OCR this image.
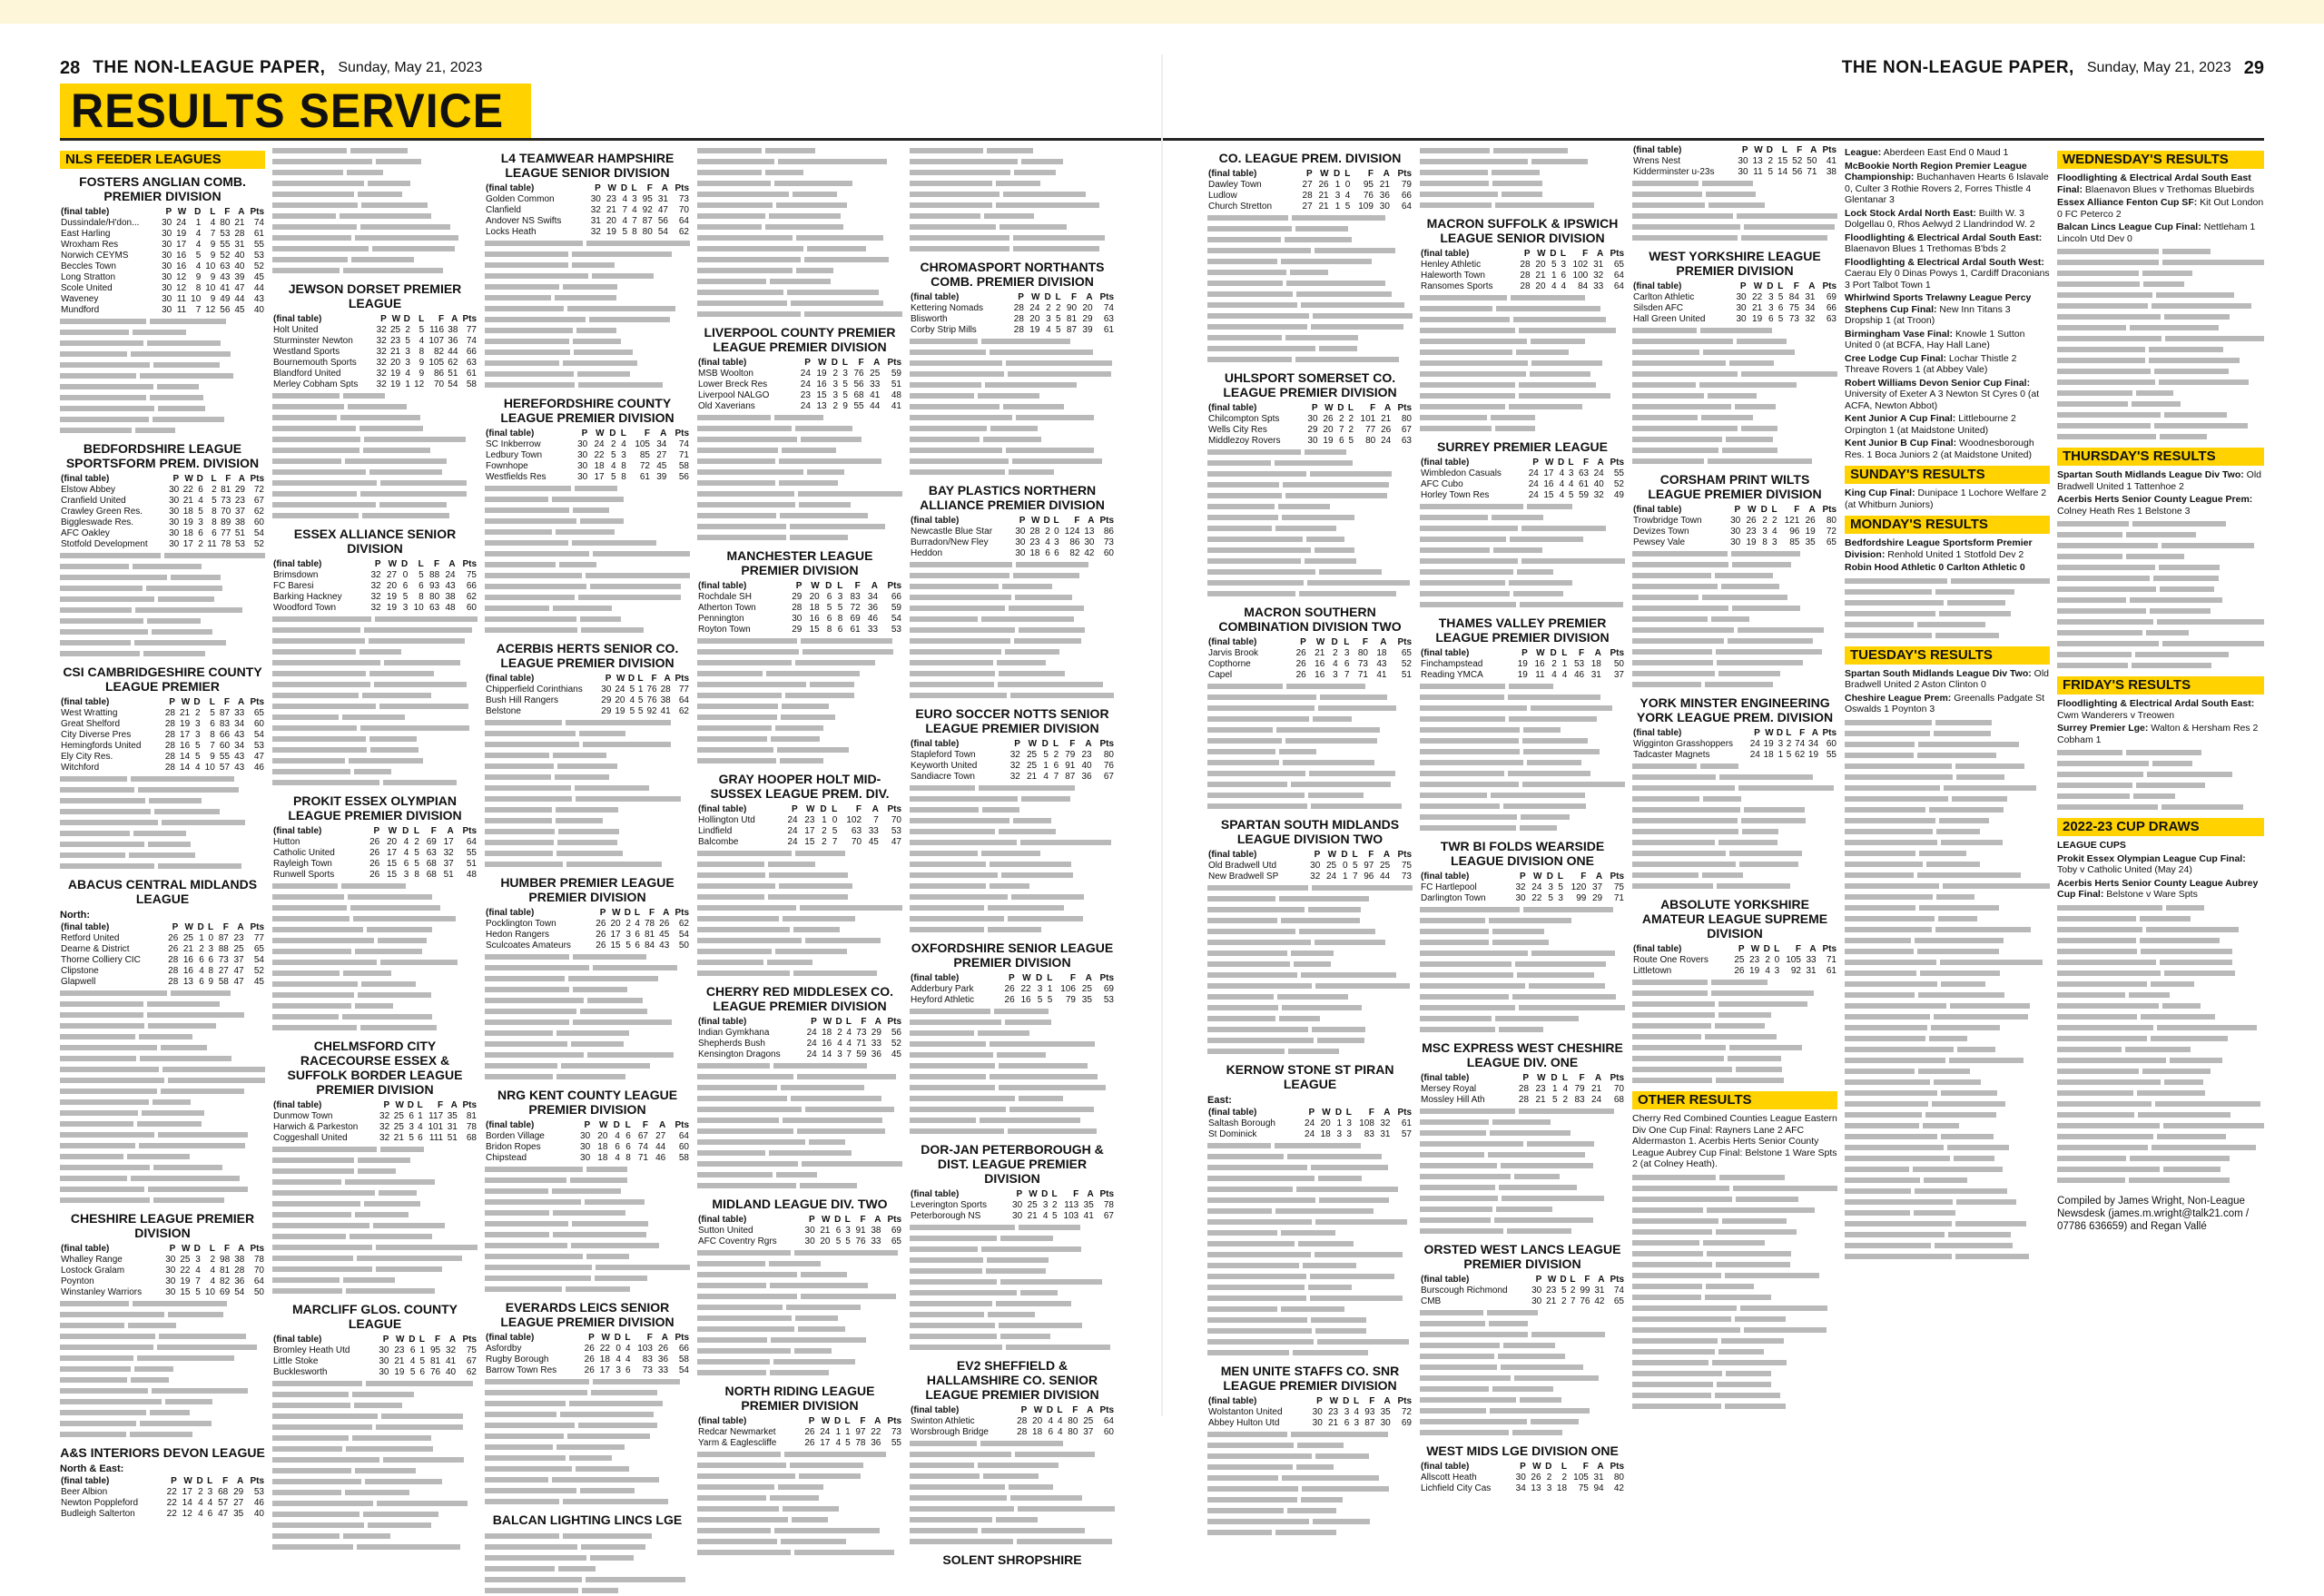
28 THE NON-LEAGUE PAPER, Sunday, May 21, 2023	THE NON-LEAGUE PAPER, Sunday, May 21, 2023 29
RESULTS SERVICE
NLS FEEDER LEAGUES
FOSTERS ANGLIAN COMB. PREMIER DIVISION
(final table)	P	W	D	L	F	A	Pts
Dussindale/H'don...	30	24	1	4	80	21	74
East Harling	30	19	4	7	53	28	61
Wroxham Res	30	17	4	9	55	31	55
Norwich CEYMS	30	16	5	9	52	40	53
Beccles Town	30	16	4	10	63	40	52
Long Stratton	30	12	9	9	43	39	45
Scole United	30	12	8	10	41	47	44
Waveney	30	11	10	9	49	44	43
Mundford	30	11	7	12	56	45	40
BEDFORDSHIRE LEAGUE SPORTSFORM PREM. DIVISION
(final table)	P	W	D	L	F	A	Pts
Elstow Abbey	30	22	6	2	81	29	72
Cranfield United	30	21	4	5	73	23	67
Crawley Green Res.	30	18	5	8	70	37	62
Biggleswade Res.	30	19	3	8	89	38	60
AFC Oakley	30	18	6	6	77	51	54
Stotfold Development	30	17	2	11	78	53	52
CSI CAMBRIDGESHIRE COUNTY LEAGUE PREMIER
(final table)	P	W	D	L	F	A	Pts
West Wratting	28	21	2	5	87	33	65
Great Shelford	28	19	3	6	83	34	60
City Diverse Pres	28	17	3	8	66	43	54
Hemingfords United	28	16	5	7	60	34	53
Ely City Res.	28	14	5	9	55	43	47
Witchford	28	14	4	10	57	43	46
ABACUS CENTRAL MIDLANDS LEAGUE
North:
(final table)	P	W	D	L	F	A	Pts
Retford United	26	25	1	0	87	23	77
Dearne & District	26	21	2	3	88	25	65
Thorne Colliery CIC	28	16	6	6	73	37	54
Clipstone	28	16	4	8	27	47	52
Glapwell	28	13	6	9	58	47	45
CHESHIRE LEAGUE PREMIER DIVISION
(final table)	P	W	D	L	F	A	Pts
Whalley Range	30	25	3	2	98	38	78
Lostock Gralam	30	22	4	4	81	28	70
Poynton	30	19	7	4	82	36	64
Winstanley Warriors	30	15	5	10	69	54	50
A&S INTERIORS DEVON LEAGUE
North & East:
(final table)	P	W	D	L	F	A	Pts
Beer Albion	22	17	2	3	68	29	53
Newton Poppleford	22	14	4	4	57	27	46
Budleigh Salterton	22	12	4	6	47	35	40
JEWSON DORSET PREMIER LEAGUE
(final table)	P	W	D	L	F	A	Pts
Holt United	32	25	2	5	116	38	77
Sturminster Newton	32	23	5	4	107	36	74
Westland Sports	32	21	3	8	82	44	66
Bournemouth Sports	32	20	3	9	105	62	63
Blandford United	32	19	4	9	86	51	61
Merley Cobham Spts	32	19	1	12	70	54	58
ESSEX ALLIANCE SENIOR DIVISION
(final table)	P	W	D	L	F	A	Pts
Brimsdown	32	27	0	5	88	24	75
FC Baresi	32	20	6	6	93	43	66
Barking Hackney	32	19	5	8	80	38	62
Woodford Town	32	19	3	10	63	48	60
PROKIT ESSEX OLYMPIAN LEAGUE PREMIER DIVISION
(final table)	P	W	D	L	F	A	Pts
Hutton	26	20	4	2	69	17	64
Catholic United	26	17	4	5	63	32	55
Rayleigh Town	26	15	6	5	68	37	51
Runwell Sports	26	15	3	8	68	51	48
CHELMSFORD CITY RACECOURSE ESSEX & SUFFOLK BORDER LEAGUE PREMIER DIVISION
(final table)	P	W	D	L	F	A	Pts
Dunmow Town	32	25	6	1	117	35	81
Harwich & Parkeston	32	25	3	4	101	31	78
Coggeshall United	32	21	5	6	111	51	68
MARCLIFF GLOS. COUNTY LEAGUE
(final table)	P	W	D	L	F	A	Pts
Bromley Heath Utd	30	23	6	1	95	32	75
Little Stoke	30	21	4	5	81	41	67
Bucklesworth	30	19	5	6	76	40	62
L4 TEAMWEAR HAMPSHIRE LEAGUE SENIOR DIVISION
(final table)	P	W	D	L	F	A	Pts
Golden Common	30	23	4	3	95	31	73
Clanfield	32	21	7	4	92	47	70
Andover NS Swifts	31	20	4	7	87	56	64
Locks Heath	32	19	5	8	80	54	62
HEREFORDSHIRE COUNTY LEAGUE PREMIER DIVISION
(final table)	P	W	D	L	F	A	Pts
SC Inkberrow	30	24	2	4	105	34	74
Ledbury Town	30	22	5	3	85	27	71
Fownhope	30	18	4	8	72	45	58
Westfields Res	30	17	5	8	61	39	56
ACERBIS HERTS SENIOR CO. LEAGUE PREMIER DIVISION
(final table)	P	W	D	L	F	A	Pts
Chipperfield Corinthians	30	24	5	1	76	28	77
Bush Hill Rangers	29	20	4	5	76	38	64
Belstone	29	19	5	5	92	41	62
HUMBER PREMIER LEAGUE PREMIER DIVISION
(final table)	P	W	D	L	F	A	Pts
Pocklington Town	26	20	2	4	78	26	62
Hedon Rangers	26	17	3	6	81	45	54
Sculcoates Amateurs	26	15	5	6	84	43	50
NRG KENT COUNTY LEAGUE PREMIER DIVISION
(final table)	P	W	D	L	F	A	Pts
Borden Village	30	20	4	6	67	27	64
Bridon Ropes	30	18	6	6	74	44	60
Chipstead	30	18	4	8	71	46	58
EVERARDS LEICS SENIOR LEAGUE PREMIER DIVISION
(final table)	P	W	D	L	F	A	Pts
Asfordby	26	22	0	4	103	26	66
Rugby Borough	26	18	4	4	83	36	58
Barrow Town Res	26	17	3	6	73	33	54
BALCAN LIGHTING LINCS LGE
LIVERPOOL COUNTY PREMIER LEAGUE PREMIER DIVISION
(final table)	P	W	D	L	F	A	Pts
MSB Woolton	24	19	2	3	76	25	59
Lower Breck Res	24	16	3	5	56	33	51
Liverpool NALGO	23	15	3	5	68	41	48
Old Xaverians	24	13	2	9	55	44	41
MANCHESTER LEAGUE PREMIER DIVISION
(final table)	P	W	D	L	F	A	Pts
Rochdale SH	29	20	6	3	83	34	66
Atherton Town	28	18	5	5	72	36	59
Pennington	30	16	6	8	69	46	54
Royton Town	29	15	8	6	61	33	53
GRAY HOOPER HOLT MID-SUSSEX LEAGUE PREM. DIV.
(final table)	P	W	D	L	F	A	Pts
Hollington Utd	24	23	1	0	102	7	70
Lindfield	24	17	2	5	63	33	53
Balcombe	24	15	2	7	70	45	47
CHERRY RED MIDDLESEX CO. LEAGUE PREMIER DIVISION
(final table)	P	W	D	L	F	A	Pts
Indian Gymkhana	24	18	2	4	73	29	56
Shepherds Bush	24	16	4	4	71	33	52
Kensington Dragons	24	14	3	7	59	36	45
MIDLAND LEAGUE DIV. TWO
(final table)	P	W	D	L	F	A	Pts
Sutton United	30	21	6	3	91	38	69
AFC Coventry Rgrs	30	20	5	5	76	33	65
NORTH RIDING LEAGUE PREMIER DIVISION
(final table)	P	W	D	L	F	A	Pts
Redcar Newmarket	26	24	1	1	97	22	73
Yarm & Eaglescliffe	26	17	4	5	78	36	55
CHROMASPORT NORTHANTS COMB. PREMIER DIVISION
(final table)	P	W	D	L	F	A	Pts
Kettering Nomads	28	24	2	2	90	20	74
Blisworth	28	20	3	5	81	29	63
Corby Strip Mills	28	19	4	5	87	39	61
BAY PLASTICS NORTHERN ALLIANCE PREMIER DIVISION
(final table)	P	W	D	L	F	A	Pts
Newcastle Blue Star	30	28	2	0	124	13	86
Burradon/New Fley	30	23	4	3	86	30	73
Heddon	30	18	6	6	82	42	60
EURO SOCCER NOTTS SENIOR LEAGUE PREMIER DIVISION
(final table)	P	W	D	L	F	A	Pts
Stapleford Town	32	25	5	2	79	23	80
Keyworth United	32	25	1	6	91	40	76
Sandiacre Town	32	21	4	7	87	36	67
OXFORDSHIRE SENIOR LEAGUE PREMIER DIVISION
(final table)	P	W	D	L	F	A	Pts
Adderbury Park	26	22	3	1	106	25	69
Heyford Athletic	26	16	5	5	79	35	53
DOR-JAN PETERBOROUGH & DIST. LEAGUE PREMIER DIVISION
(final table)	P	W	D	L	F	A	Pts
Leverington Sports	30	25	3	2	113	35	78
Peterborough NS	30	21	4	5	103	41	67
EV2 SHEFFIELD & HALLAMSHIRE CO. SENIOR LEAGUE PREMIER DIVISION
(final table)	P	W	D	L	F	A	Pts
Swinton Athletic	28	20	4	4	80	25	64
Worsbrough Bridge	28	18	6	4	80	37	60
SOLENT SHROPSHIRE
CO. LEAGUE PREM. DIVISION
(final table)	P	W	D	L	F	A	Pts
Dawley Town	27	26	1	0	95	21	79
Ludlow	28	21	3	4	76	36	66
Church Stretton	27	21	1	5	109	30	64
UHLSPORT SOMERSET CO. LEAGUE PREMIER DIVISION
(final table)	P	W	D	L	F	A	Pts
Chilcompton Spts	30	26	2	2	101	21	80
Wells City Res	29	20	7	2	77	26	67
Middlezoy Rovers	30	19	6	5	80	24	63
MACRON SOUTHERN COMBINATION DIVISION TWO
(final table)	P	W	D	L	F	A	Pts
Jarvis Brook	26	21	2	3	80	18	65
Copthorne	26	16	4	6	73	43	52
Capel	26	16	3	7	71	41	51
SPARTAN SOUTH MIDLANDS LEAGUE DIVISION TWO
(final table)	P	W	D	L	F	A	Pts
Old Bradwell Utd	30	25	0	5	97	25	75
New Bradwell SP	32	24	1	7	96	44	73
KERNOW STONE ST PIRAN LEAGUE
East:
(final table)	P	W	D	L	F	A	Pts
Saltash Borough	24	20	1	3	108	32	61
St Dominick	24	18	3	3	83	31	57
MEN UNITE STAFFS CO. SNR LEAGUE PREMIER DIVISION
(final table)	P	W	D	L	F	A	Pts
Wolstanton United	30	23	3	4	93	35	72
Abbey Hulton Utd	30	21	6	3	87	30	69
MACRON SUFFOLK & IPSWICH LEAGUE SENIOR DIVISION
(final table)	P	W	D	L	F	A	Pts
Henley Athletic	28	20	5	3	102	31	65
Haleworth Town	28	21	1	6	100	32	64
Ransomes Sports	28	20	4	4	84	33	64
SURREY PREMIER LEAGUE
(final table)	P	W	D	L	F	A	Pts
Wimbledon Casuals	24	17	4	3	63	24	55
AFC Cubo	24	16	4	4	61	40	52
Horley Town Res	24	15	4	5	59	32	49
THAMES VALLEY PREMIER LEAGUE PREMIER DIVISION
(final table)	P	W	D	L	F	A	Pts
Finchampstead	19	16	2	1	53	18	50
Reading YMCA	19	11	4	4	46	31	37
TWR BI FOLDS WEARSIDE LEAGUE DIVISION ONE
(final table)	P	W	D	L	F	A	Pts
FC Hartlepool	32	24	3	5	120	37	75
Darlington Town	30	22	5	3	99	29	71
MSC EXPRESS WEST CHESHIRE LEAGUE DIV. ONE
(final table)	P	W	D	L	F	A	Pts
Mersey Royal	28	23	1	4	79	21	70
Mossley Hill Ath	28	21	5	2	83	24	68
ORSTED WEST LANCS LEAGUE PREMIER DIVISION
(final table)	P	W	D	L	F	A	Pts
Burscough Richmond	30	23	5	2	99	31	74
CMB	30	21	2	7	76	42	65
WEST MIDS LGE DIVISION ONE
(final table)	P	W	D	L	F	A	Pts
Allscott Heath	30	26	2	2	105	31	80
Lichfield City Cas	34	13	3	18	75	94	42
(final table)	P	W	D	L	F	A	Pts
Wrens Nest	30	13	2	15	52	50	41
Kidderminster u-23s	30	11	5	14	56	71	38
WEST YORKSHIRE LEAGUE PREMIER DIVISION
(final table)	P	W	D	L	F	A	Pts
Carlton Athletic	30	22	3	5	84	31	69
Silsden AFC	30	21	3	6	75	34	66
Hall Green United	30	19	6	5	73	32	63
CORSHAM PRINT WILTS LEAGUE PREMIER DIVISION
(final table)	P	W	D	L	F	A	Pts
Trowbridge Town	30	26	2	2	121	26	80
Devizes Town	30	23	3	4	96	19	72
Pewsey Vale	30	19	8	3	85	35	65
YORK MINSTER ENGINEERING YORK LEAGUE PREM. DIVISION
(final table)	P	W	D	L	F	A	Pts
Wigginton Grasshoppers	24	19	3	2	74	34	60
Tadcaster Magnets	24	18	1	5	62	19	55
ABSOLUTE YORKSHIRE AMATEUR LEAGUE SUPREME DIVISION
(final table)	P	W	D	L	F	A	Pts
Route One Rovers	25	23	2	0	105	33	71
Littletown	26	19	4	3	92	31	61
OTHER RESULTS
Cherry Red Combined Counties League Eastern Div One Cup Final: Rayners Lane 2 AFC Aldermaston 1. Acerbis Herts Senior County League Aubrey Cup Final: Belstone 1 Ware Spts 2 (at Colney Heath).
League: Aberdeen East End 0 Maud 1
McBookie North Region Premier League Championship: Buchanhaven Hearts 6 Islavale 0, Culter 3 Rothie Rovers 2, Forres Thistle 4 Glentanar 3
Lock Stock Ardal North East: Builth W. 3 Dolgellau 0, Rhos Aelwyd 2 Llandrindod W. 2
Floodlighting & Electrical Ardal South East: Blaenavon Blues 1 Trethomas B'bds 2
Floodlighting & Electrical Ardal South West: Caerau Ely 0 Dinas Powys 1, Cardiff Draconians 3 Port Talbot Town 1
Whirlwind Sports Trelawny League Percy Stephens Cup Final: New Inn Titans 3 Dropship 1 (at Troon)
Birmingham Vase Final: Knowle 1 Sutton United 0 (at BCFA, Hay Hall Lane)
Cree Lodge Cup Final: Lochar Thistle 2 Threave Rovers 1 (at Abbey Vale)
Robert Williams Devon Senior Cup Final: University of Exeter A 3 Newton St Cyres 0 (at ACFA, Newton Abbot)
Kent Junior A Cup Final: Littlebourne 2 Orpington 1 (at Maidstone United)
Kent Junior B Cup Final: Woodnesborough Res. 1 Boca Juniors 2 (at Maidstone United)
SUNDAY'S RESULTS
King Cup Final: Dunipace 1 Lochore Welfare 2 (at Whitburn Juniors)
MONDAY'S RESULTS
Bedfordshire League Sportsform Premier Division: Renhold United 1 Stotfold Dev 2
Robin Hood Athletic 0 Carlton Athletic 0
TUESDAY'S RESULTS
Spartan South Midlands League Div Two: Old Bradwell United 2 Aston Clinton 0
Cheshire League Prem: Greenalls Padgate St Oswalds 1 Poynton 3
WEDNESDAY'S RESULTS
Floodlighting & Electrical Ardal South East Final: Blaenavon Blues v Trethomas Bluebirds
Essex Alliance Fenton Cup SF: Kit Out London 0 FC Peterco 2
Balcan Lincs League Cup Final: Nettleham 1 Lincoln Utd Dev 0
THURSDAY'S RESULTS
Spartan South Midlands League Div Two: Old Bradwell United 1 Tattenhoe 2
Acerbis Herts Senior County League Prem: Colney Heath Res 1 Belstone 3
FRIDAY'S RESULTS
Floodlighting & Electrical Ardal South East: Cwm Wanderers v Treowen
Surrey Premier Lge: Walton & Hersham Res 2 Cobham 1
2022-23 CUP DRAWS
LEAGUE CUPS
Prokit Essex Olympian League Cup Final: Toby v Catholic United (May 24)
Acerbis Herts Senior County League Aubrey Cup Final: Belstone v Ware Spts
Compiled by James Wright, Non-League Newsdesk (james.m.wright@talk21.com / 07786 636659) and Regan Vallé
